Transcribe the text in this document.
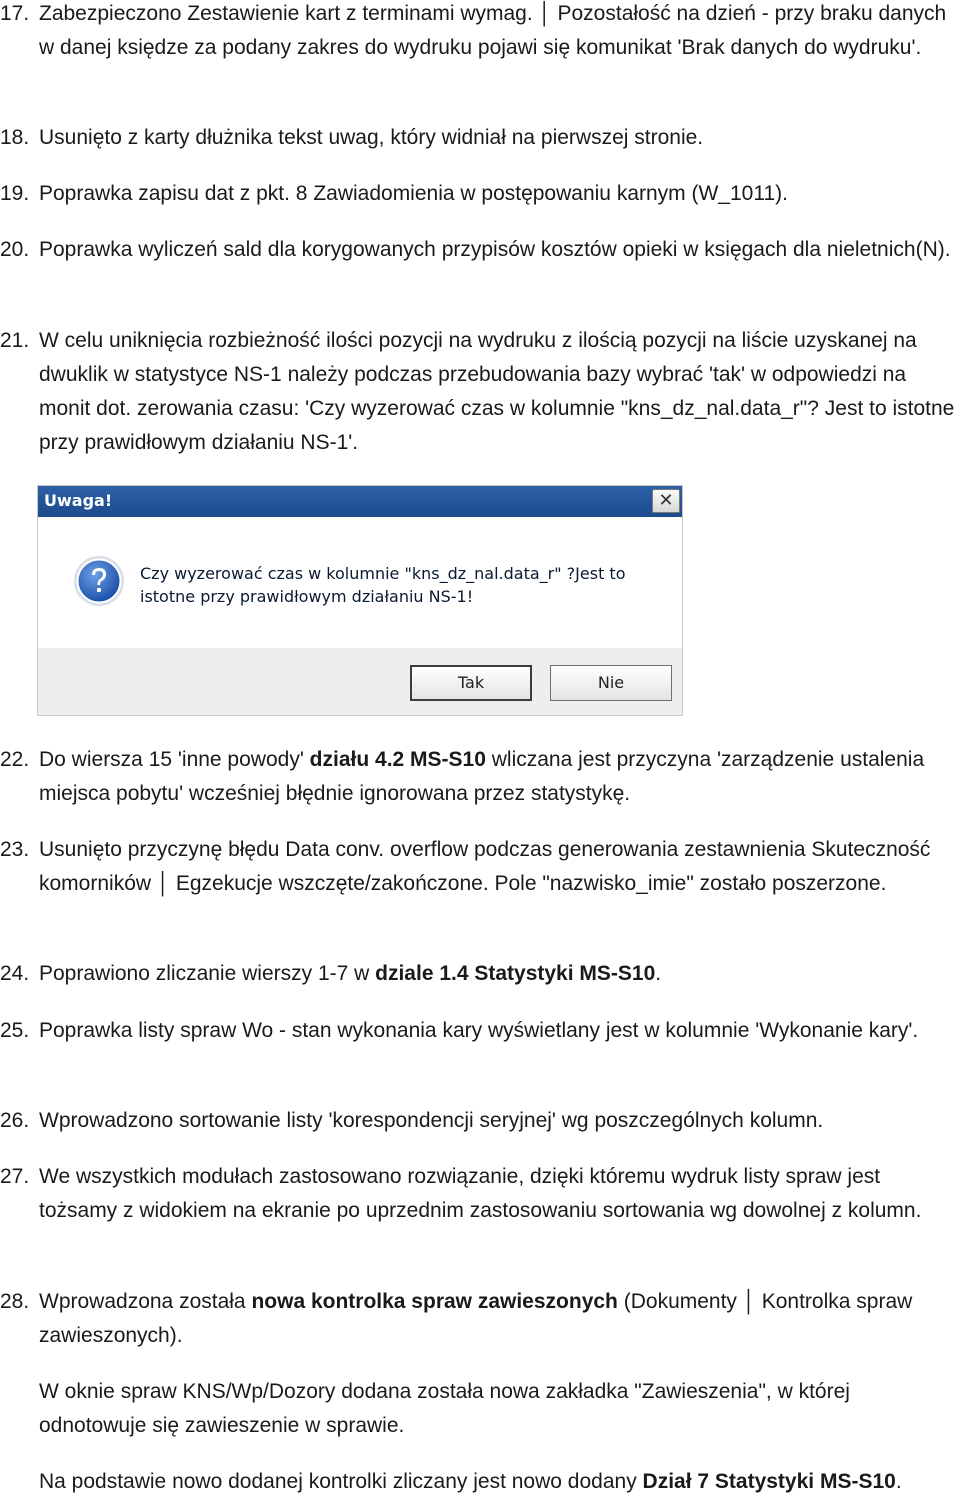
17. Zabezpieczono Zestawienie kart z terminami wymag. │ Pozostałość na dzień - przy braku danych w danej księdze za podany zakres do wydruku pojawi się komunikat 'Brak danych do wydruku'.
18. Usunięto z karty dłużnika tekst uwag, który widniał na pierwszej stronie.
19. Poprawka zapisu dat z pkt. 8 Zawiadomienia w postępowaniu karnym (W_1011).
20. Poprawka wyliczeń sald dla korygowanych przypisów kosztów opieki w księgach dla nieletnich(N).
21. W celu uniknięcia rozbieżność ilości pozycji na wydruku z ilością pozycji na liście uzyskanej na dwuklik w statystyce NS-1 należy podczas przebudowania bazy wybrać 'tak' w odpowiedzi na monit dot. zerowania czasu: 'Czy wyzerować czas w kolumnie "kns_dz_nal.data_r"? Jest to istotne przy prawidłowym działaniu NS-1'.
Uwaga!	✕
Czy wyzerować czas w kolumnie "kns_dz_nal.data_r" ?Jest to istotne przy prawidłowym działaniu NS-1!
Tak	Nie
22. Do wiersza 15 'inne powody' działu 4.2 MS-S10 wliczana jest przyczyna 'zarządzenie ustalenia miejsca pobytu' wcześniej błędnie ignorowana przez statystykę.
23. Usunięto przyczynę błędu Data conv. overflow podczas generowania zestawnienia Skuteczność komorników │ Egzekucje wszczęte/zakończone. Pole "nazwisko_imie" zostało poszerzone.
24. Poprawiono zliczanie wierszy 1-7 w dziale 1.4 Statystyki MS-S10.
25. Poprawka listy spraw Wo - stan wykonania kary wyświetlany jest w kolumnie 'Wykonanie kary'.
26. Wprowadzono sortowanie listy 'korespondencji seryjnej' wg poszczególnych kolumn.
27. We wszystkich modułach zastosowano rozwiązanie, dzięki któremu wydruk listy spraw jest tożsamy z widokiem na ekranie po uprzednim zastosowaniu sortowania wg dowolnej z kolumn.
28. Wprowadzona została nowa kontrolka spraw zawieszonych (Dokumenty │ Kontrolka spraw zawieszonych).
W oknie spraw KNS/Wp/Dozory dodana została nowa zakładka "Zawieszenia", w której odnotowuje się zawieszenie w sprawie.
Na podstawie nowo dodanej kontrolki zliczany jest nowo dodany Dział 7 Statystyki MS-S10.
